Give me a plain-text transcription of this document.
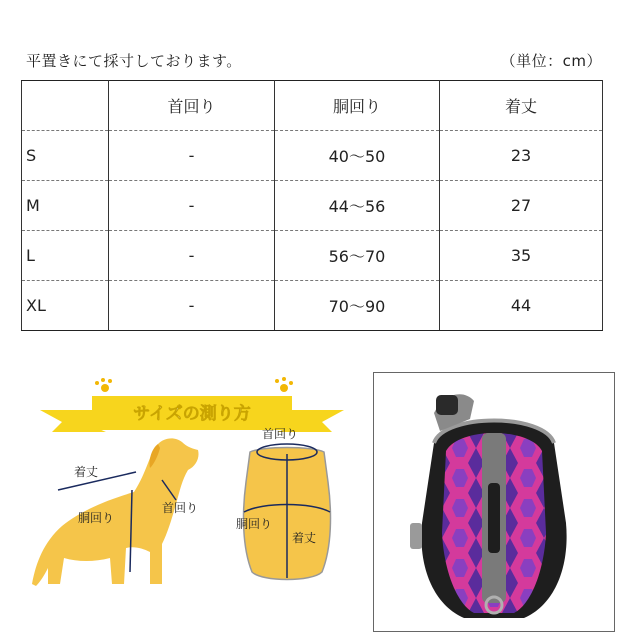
平置きにて採寸しております。	（単位：cm）
	首回り	胴回り	着丈
S	-	40～50	23
M	-	44～56	27
L	-	56～70	35
XL	-	70～90	44
サイズの測り方
着丈
胴回り
首回り
首回り
胴回り
着丈
